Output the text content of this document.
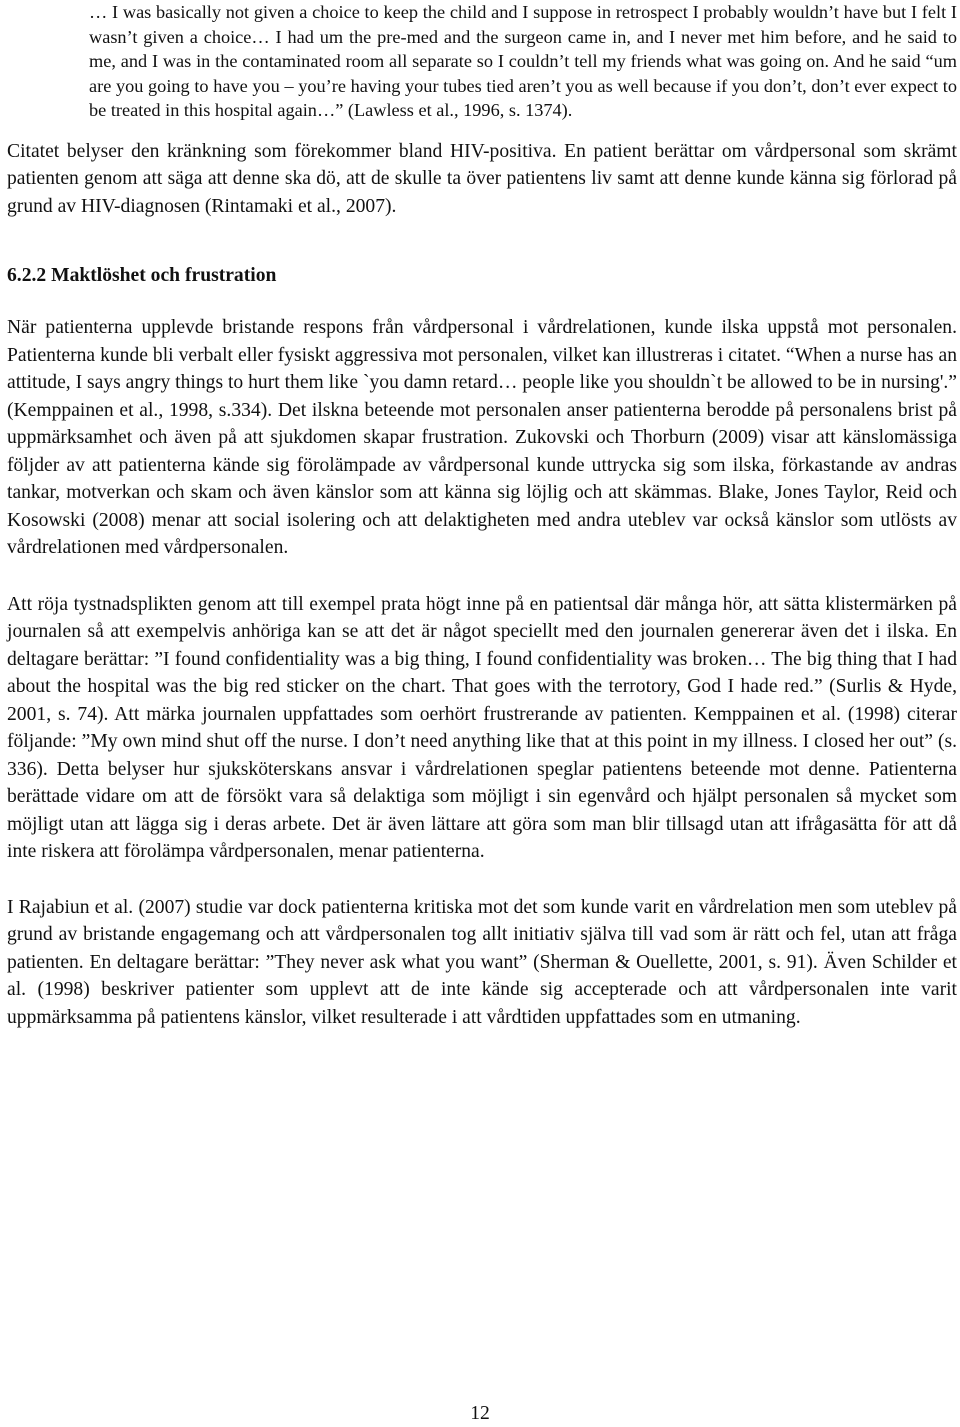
… I was basically not given a choice to keep the child and I suppose in retrospect I probably wouldn’t have but I felt I wasn’t given a choice… I had um the pre-med and the surgeon came in, and I never met him before, and he said to me, and I was in the contaminated room all separate so I couldn’t tell my friends what was going on. And he said “um are you going to have you – you’re having your tubes tied aren’t you as well because if you don’t, don’t ever expect to be treated in this hospital again…” (Lawless et al., 1996, s. 1374).

Citatet belyser den kränkning som förekommer bland HIV-positiva. En patient berättar om vårdpersonal som skrämt patienten genom att säga att denne ska dö, att de skulle ta över patientens liv samt att denne kunde känna sig förlorad på grund av HIV-diagnosen (Rintamaki et al., 2007).

6.2.2 Maktlöshet och frustration

När patienterna upplevde bristande respons från vårdpersonal i vårdrelationen, kunde ilska uppstå mot personalen. Patienterna kunde bli verbalt eller fysiskt aggressiva mot personalen, vilket kan illustreras i citatet. “When a nurse has an attitude, I says angry things to hurt them like `you damn retard… people like you shouldn`t be allowed to be in nursing'.” (Kemppainen et al., 1998, s.334). Det ilskna beteende mot personalen anser patienterna berodde på personalens brist på uppmärksamhet och även på att sjukdomen skapar frustration. Zukovski och Thorburn (2009) visar att känslomässiga följder av att patienterna kände sig förolämpade av vårdpersonal kunde uttrycka sig som ilska, förkastande av andras tankar, motverkan och skam och även känslor som att känna sig löjlig och att skämmas. Blake, Jones Taylor, Reid och Kosowski (2008) menar att social isolering och att delaktigheten med andra uteblev var också känslor som utlösts av vårdrelationen med vårdpersonalen.

Att röja tystnadsplikten genom att till exempel prata högt inne på en patientsal där många hör, att sätta klistermärken på journalen så att exempelvis anhöriga kan se att det är något speciellt med den journalen genererar även det i ilska. En deltagare berättar: ”I found confidentiality was a big thing, I found confidentiality was broken… The big thing that I had about the hospital was the big red sticker on the chart. That goes with the terrotory, God I hade red.” (Surlis & Hyde, 2001, s. 74). Att märka journalen uppfattades som oerhört frustrerande av patienten. Kemppainen et al. (1998) citerar följande: ”My own mind shut off the nurse. I don’t need anything like that at this point in my illness. I closed her out” (s. 336). Detta belyser hur sjuksköterskans ansvar i vårdrelationen speglar patientens beteende mot denne. Patienterna berättade vidare om att de försökt vara så delaktiga som möjligt i sin egenvård och hjälpt personalen så mycket som möjligt utan att lägga sig i deras arbete. Det är även lättare att göra som man blir tillsagd utan att ifrågasätta för att då inte riskera att förolämpa vårdpersonalen, menar patienterna.

I Rajabiun et al. (2007) studie var dock patienterna kritiska mot det som kunde varit en vårdrelation men som uteblev på grund av bristande engagemang och att vårdpersonalen tog allt initiativ själva till vad som är rätt och fel, utan att fråga patienten. En deltagare berättar: ”They never ask what you want” (Sherman & Ouellette, 2001, s. 91). Även Schilder et al. (1998) beskriver patienter som upplevt att de inte kände sig accepterade och att vårdpersonalen inte varit uppmärksamma på patientens känslor, vilket resulterade i att vårdtiden uppfattades som en utmaning.

12
